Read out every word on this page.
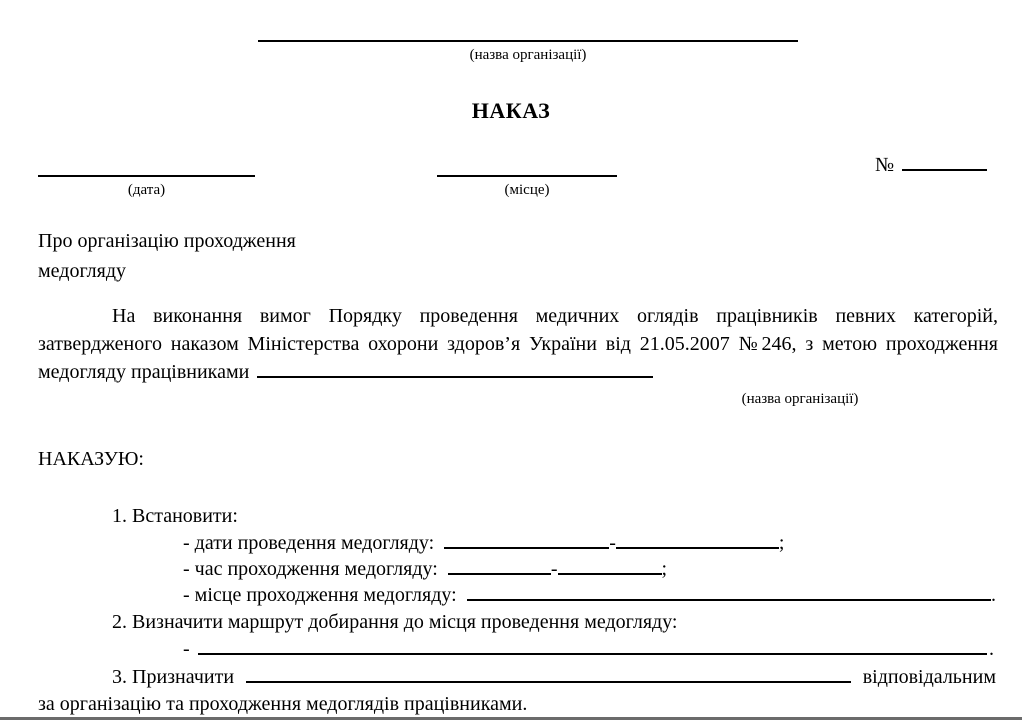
(назва організації)
НАКАЗ
(дата)	(місце)
№
Про організацію проходження
медогляду

На виконання вимог Порядку проведення медичних оглядів працівників певних категорій, затвердженого наказом Міністерства охорони здоров’я України від 21.05.2007 №246, з метою проходження медогляду працівниками

(назва організації)
НАКАЗУЮ:
1. Встановити:
- дати проведення медогляду:	-	;
- час проходження медогляду:	-	;
- місце проходження медогляду:	.
2. Визначити маршрут добирання до місця проведення медогляду:
-	.
3. Призначити	відповідальним
за організацію та проходження медоглядів працівниками.
